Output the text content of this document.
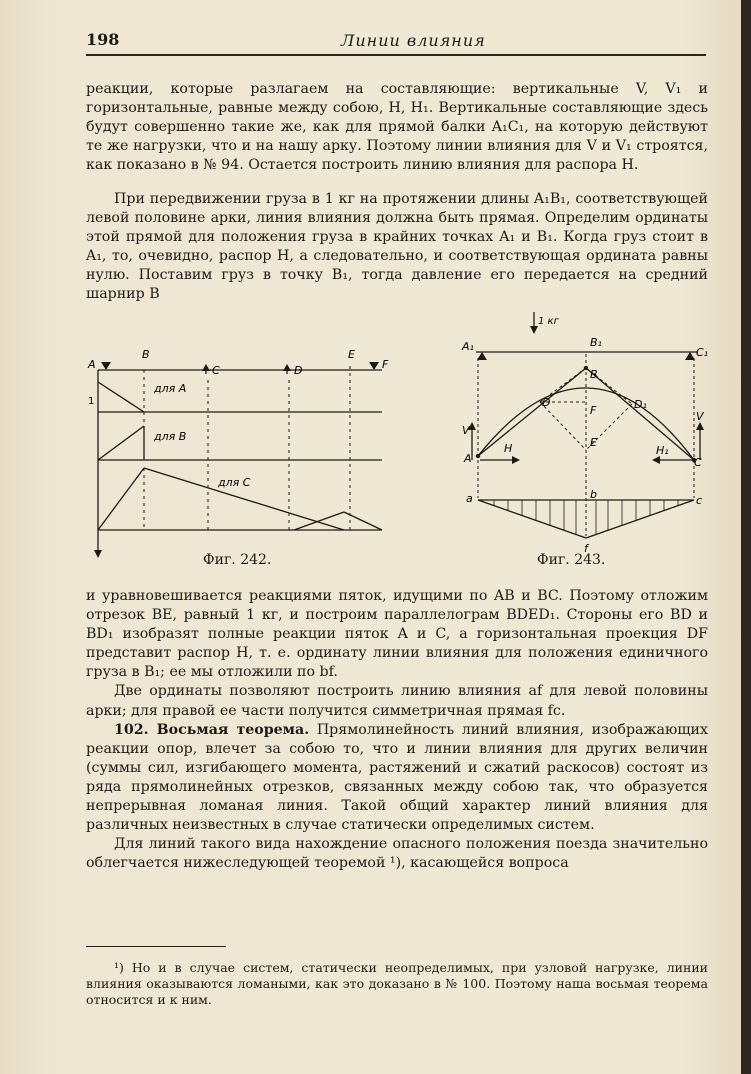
198	Линии влияния

реакции, которые разлагаем на составляющие: вертикальные V, V₁ и горизонтальные, равные между собою, H, H₁. Вертикальные составляющие здесь будут совершенно такие же, как для прямой балки A₁C₁, на которую действуют те же нагрузки, что и на нашу арку. Поэтому линии влияния для V и V₁ строятся, как показано в № 94. Остается построить линию влияния для распора H.

При передвижении груза в 1 кг на протяжении длины A₁B₁, соответствующей левой половине арки, линия влияния должна быть прямая. Определим ординаты этой прямой для положения груза в крайних точках A₁ и B₁. Когда груз стоит в A₁, то, очевидно, распор H, а следовательно, и соответствующая ордината равны нулю. Поставим груз в точку B₁, тогда давление его передается на средний шарнир B

A
B
C	D
E
F
1
для A
для B
для C
1 кг
B₁
A₁	C₁
B
D	D₁
F
E
V
V
H	H₁
A	C
a	b	c
f
Фиг. 242.	Фиг. 243.

и уравновешивается реакциями пяток, идущими по AB и BC. Поэтому отложим отрезок BE, равный 1 кг, и построим параллелограм BDED₁. Стороны его BD и BD₁ изобразят полные реакции пяток A и C, а горизонтальная проекция DF представит распор H, т. е. ординату линии влияния для положения единичного груза в B₁; ее мы отложили по bf.

Две ординаты позволяют построить линию влияния af для левой половины арки; для правой ее части получится симметричная прямая fc.

102. Восьмая теорема. Прямолинейность линий влияния, изображающих реакции опор, влечет за собою то, что и линии влияния для других величин (суммы сил, изгибающего момента, растяжений и сжатий раскосов) состоят из ряда прямолинейных отрезков, связанных между собою так, что образуется непрерывная ломаная линия. Такой общий характер линий влияния для различных неизвестных в случае статически определимых систем.

Для линий такого вида нахождение опасного положения поезда значительно облегчается нижеследующей теоремой ¹), касающейся вопроса

¹) Но и в случае систем, статически неопределимых, при узловой нагрузке, линии влияния оказываются ломаными, как это доказано в № 100. Поэтому наша восьмая теорема относится и к ним.
